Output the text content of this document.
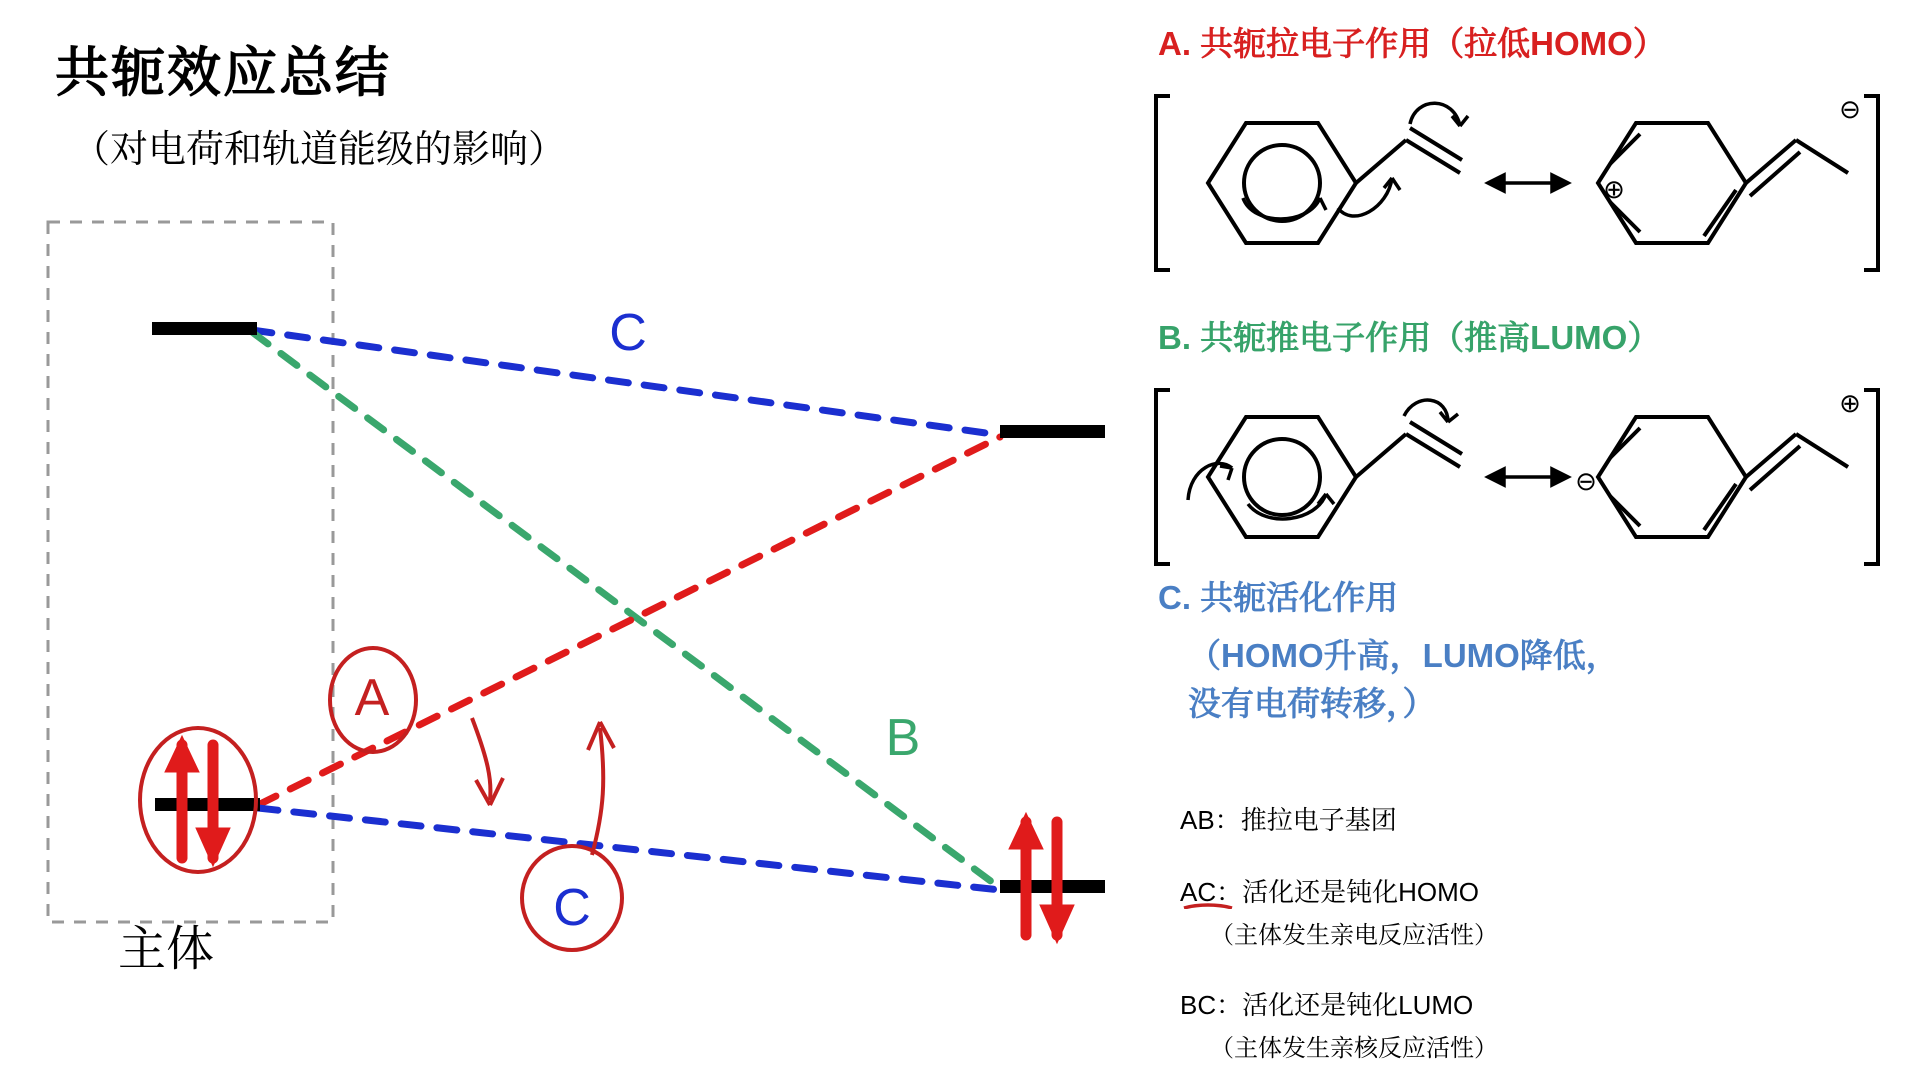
C
B
A
C
共轭效应总结
（对电荷和轨道能级的影响）
主体
A. 共轭拉电子作用（拉低HOMO）
⊖
⊕
B. 共轭推电子作用（推高LUMO）
⊕
⊖
C. 共轭活化作用
（HOMO升高，LUMO降低，
没有电荷转移，）
AB：推拉电子基团
AC：活化还是钝化HOMO
（主体发生亲电反应活性）
BC：活化还是钝化LUMO
（主体发生亲核反应活性）
